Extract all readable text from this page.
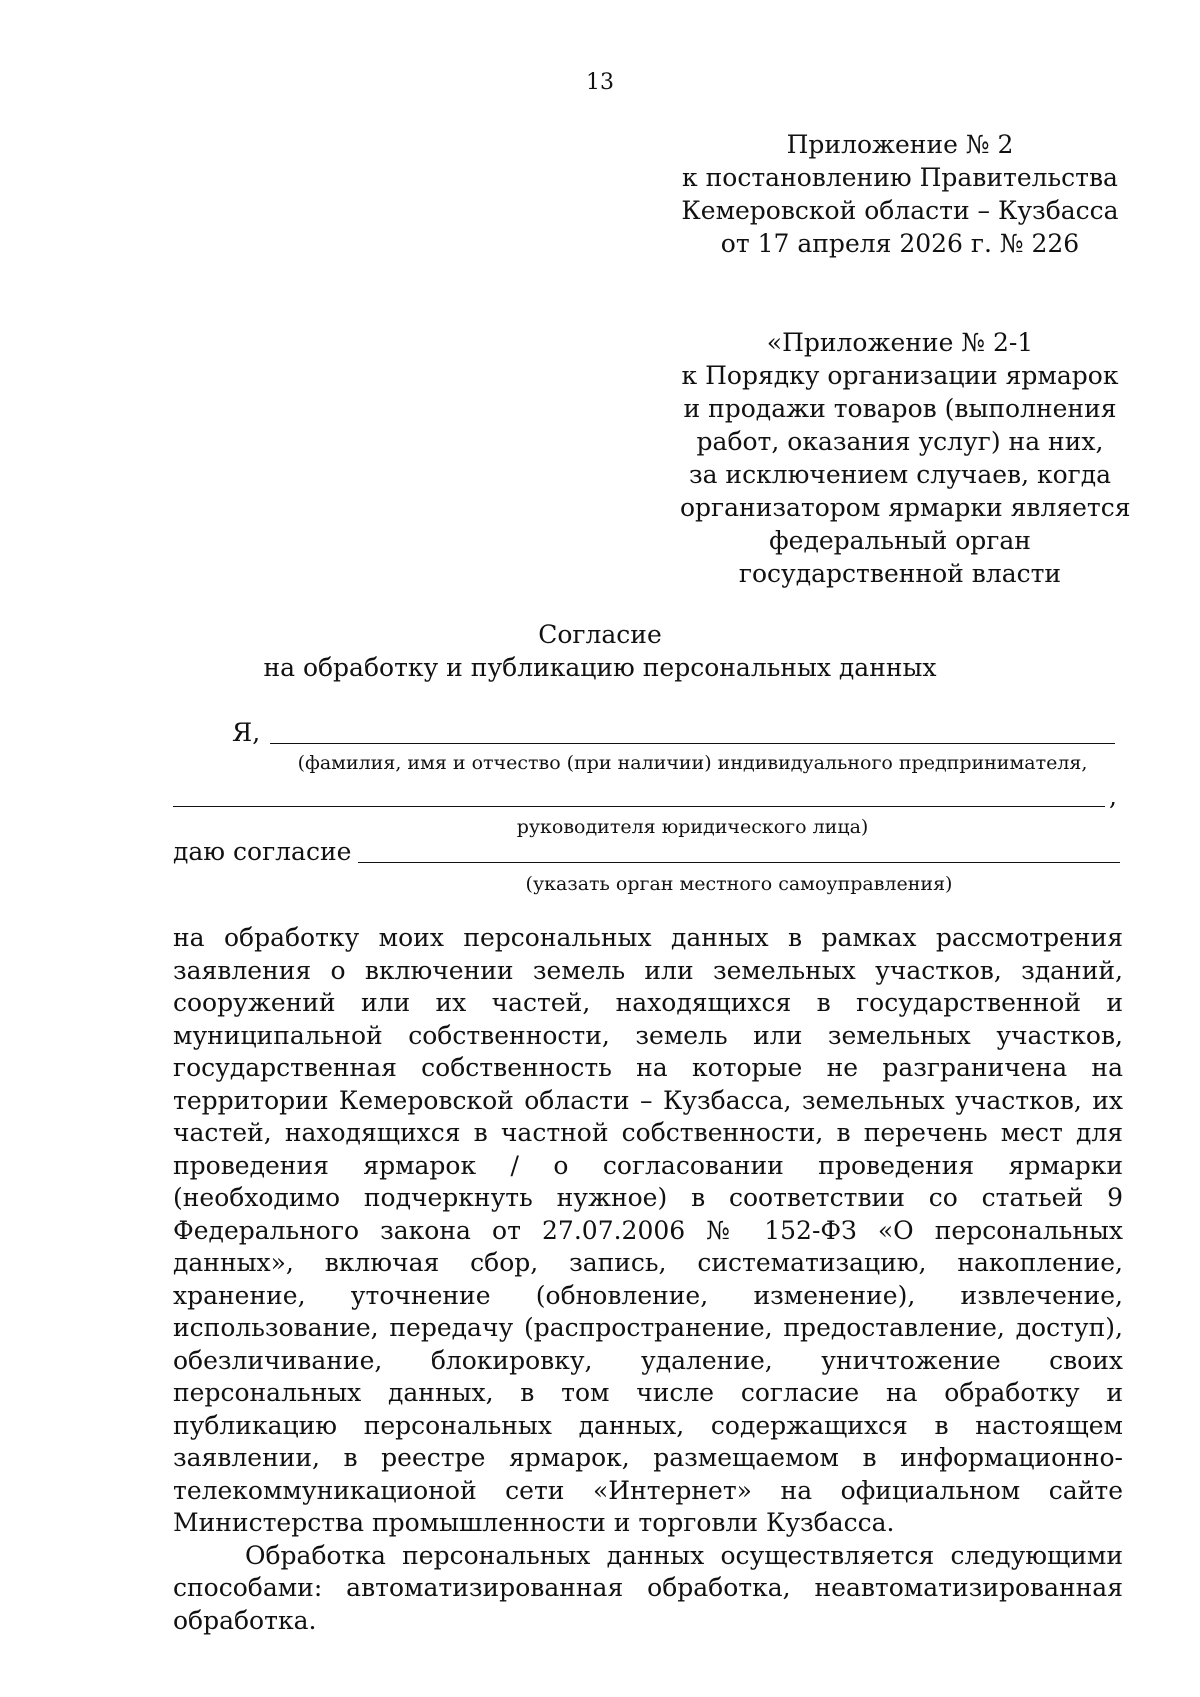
13
Приложение № 2
к постановлению Правительства
Кемеровской области – Кузбасса
от 17 апреля 2026 г. № 226
«Приложение № 2-1
к Порядку организации ярмарок
и продажи товаров (выполнения
работ, оказания услуг) на них,
за исключением случаев, когда
организатором ярмарки является
федеральный орган
государственной власти
Согласие
на обработку и публикацию персональных данных
Я,
(фамилия, имя и отчество (при наличии) индивидуального предпринимателя,
,
руководителя юридического лица)
даю согласие
(указать орган местного самоуправления)

на обработку моих персональных данных в рамках рассмотрения заявления о включении земель или земельных участков, зданий, сооружений или их частей, находящихся в государственной и муниципальной собственности, земель или земельных участков, государственная собственность на которые не разграничена на территории Кемеровской области – Кузбасса, земельных участков, их частей, находящихся в частной собственности, в перечень мест для проведения ярмарок / о согласовании проведения ярмарки (необходимо подчеркнуть нужное) в соответствии со статьей 9 Федерального закона от 27.07.2006 № 152-ФЗ «О персональных данных», включая сбор, запись, систематизацию, накопление, хранение, уточнение (обновление, изменение), извлечение, использование, передачу (распространение, предоставление, доступ), обезличивание, блокировку, удаление, уничтожение своих персональных данных, в том числе согласие на обработку и публикацию персональных данных, содержащихся в настоящем заявлении, в реестре ярмарок, размещаемом в информационно-телекоммуникационой сети «Интернет» на официальном сайте Министерства промышленности и торговли Кузбасса.

Обработка персональных данных осуществляется следующими способами: автоматизированная обработка, неавтоматизированная обработка.
